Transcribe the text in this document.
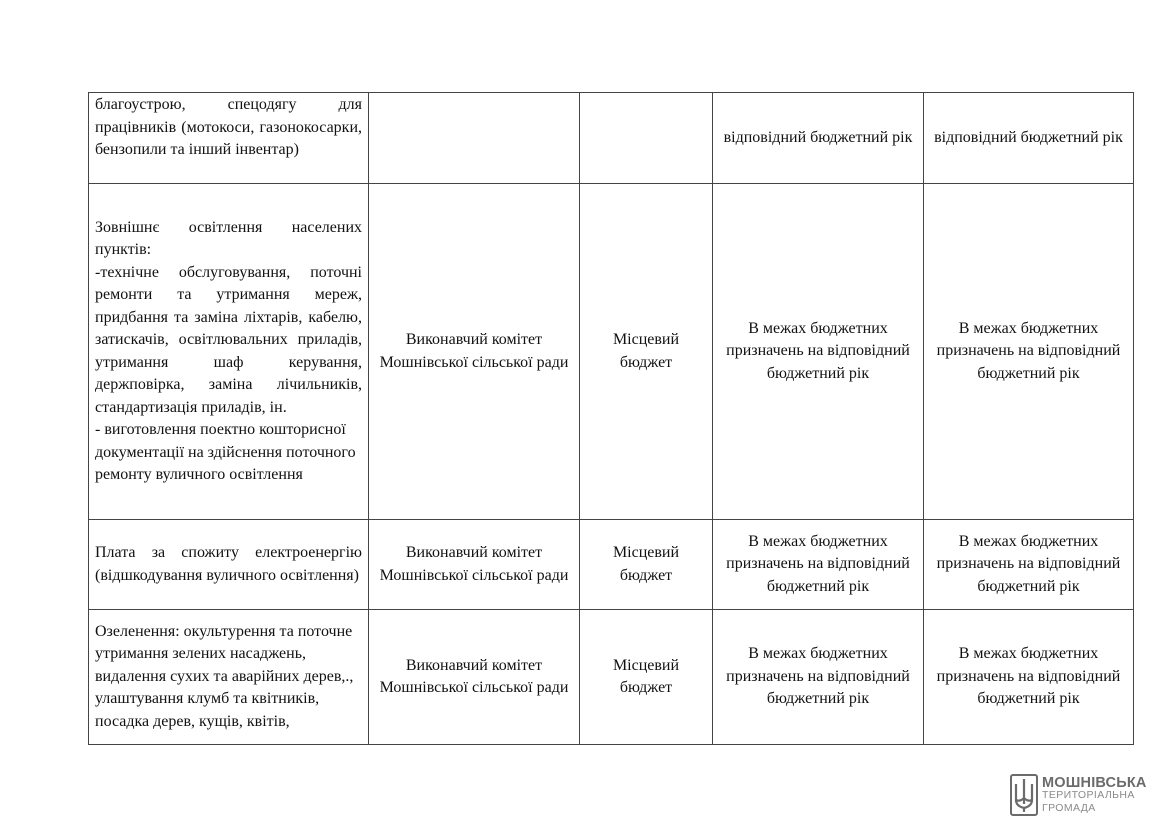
благоустрою, спецодягу для працівників (мотокоси, газонокосарки, бензопили та інший інвентар)			відповідний бюджетний рік	відповідний бюджетний рік

Зовнішнє освітлення населених пунктів:
-технічне обслуговування, поточні ремонти та утримання мереж, придбання та заміна ліхтарів, кабелю, затискачів, освітлювальних приладів, утримання шаф керування, держповірка, заміна лічильників, стандартизація приладів, ін.
- виготовлення поектно кошторисної документації на здійснення поточного ремонту вуличного освітлення	Виконавчий комітет Мошнівської сільської ради	Місцевий бюджет	В межах бюджетних призначень на відповідний бюджетний рік	В межах бюджетних призначень на відповідний бюджетний рік

Плата за спожиту електроенергію (відшкодування вуличного освітлення)	Виконавчий комітет Мошнівської сільської ради	Місцевий бюджет	В межах бюджетних призначень на відповідний бюджетний рік	В межах бюджетних призначень на відповідний бюджетний рік

Озеленення: окультурення та поточне утримання зелених насаджень, видалення сухих та аварійних дерев,., улаштування клумб та квітників, посадка дерев, кущів, квітів,	Виконавчий комітет Мошнівської сільської ради	Місцевий бюджет	В межах бюджетних призначень на відповідний бюджетний рік	В межах бюджетних призначень на відповідний бюджетний рік
МОШНІВСЬКА
ТЕРИТОРІАЛЬНА
ГРОМАДА
